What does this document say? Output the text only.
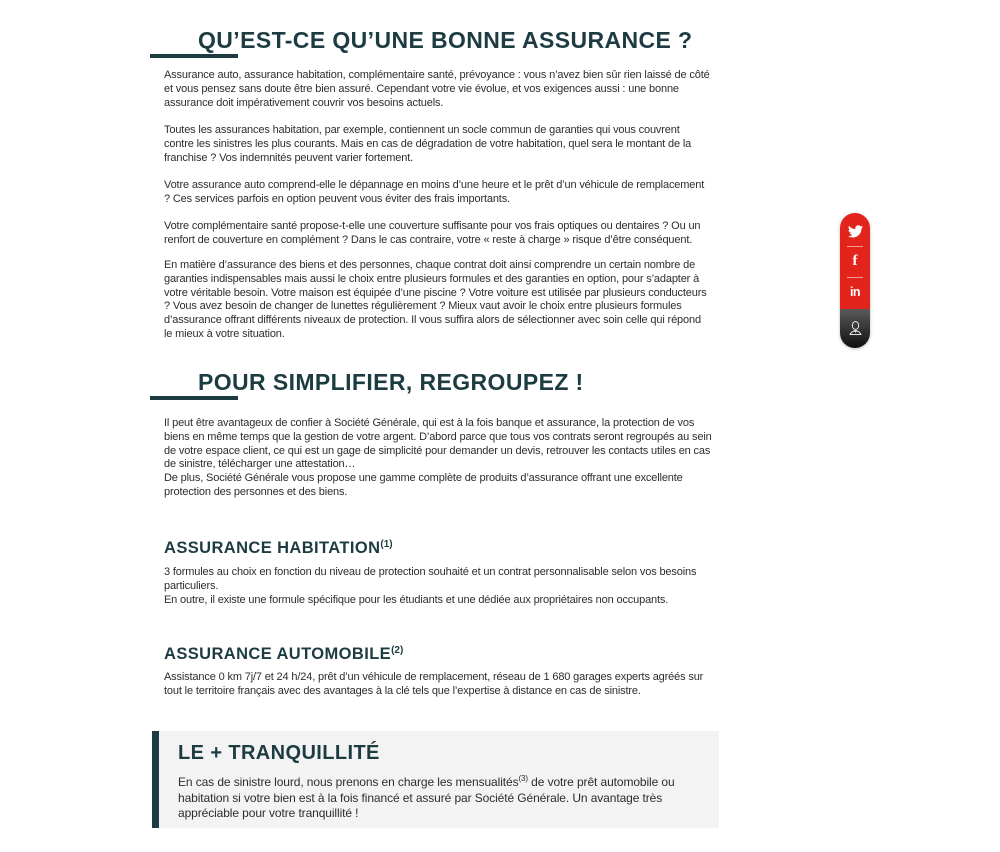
QU’EST-CE QU’UNE BONNE ASSURANCE ?
Assurance auto, assurance habitation, complémentaire santé, prévoyance : vous n’avez bien sûr rien laissé de côté et vous pensez sans doute être bien assuré. Cependant votre vie évolue, et vos exigences aussi : une bonne assurance doit impérativement couvrir vos besoins actuels.
Toutes les assurances habitation, par exemple, contiennent un socle commun de garanties qui vous couvrent contre les sinistres les plus courants. Mais en cas de dégradation de votre habitation, quel sera le montant de la franchise ? Vos indemnités peuvent varier fortement.
Votre assurance auto comprend-elle le dépannage en moins d’une heure et le prêt d’un véhicule de remplacement ? Ces services parfois en option peuvent vous éviter des frais importants.
Votre complémentaire santé propose-t-elle une couverture suffisante pour vos frais optiques ou dentaires ? Ou un renfort de couverture en complément ? Dans le cas contraire, votre « reste à charge » risque d’être conséquent.
En matière d’assurance des biens et des personnes, chaque contrat doit ainsi comprendre un certain nombre de garanties indispensables mais aussi le choix entre plusieurs formules et des garanties en option, pour s’adapter à votre véritable besoin. Votre maison est équipée d’une piscine ? Votre voiture est utilisée par plusieurs conducteurs ? Vous avez besoin de changer de lunettes régulièrement ? Mieux vaut avoir le choix entre plusieurs formules d’assurance offrant différents niveaux de protection. Il vous suffira alors de sélectionner avec soin celle qui répond le mieux à votre situation.
POUR SIMPLIFIER, REGROUPEZ !
Il peut être avantageux de confier à Société Générale, qui est à la fois banque et assurance, la protection de vos biens en même temps que la gestion de votre argent. D’abord parce que tous vos contrats seront regroupés au sein de votre espace client, ce qui est un gage de simplicité pour demander un devis, retrouver les contacts utiles en cas de sinistre, télécharger une attestation…
De plus, Société Générale vous propose une gamme complète de produits d’assurance offrant une excellente protection des personnes et des biens.
ASSURANCE HABITATION$^{(1)}$
3 formules au choix en fonction du niveau de protection souhaité et un contrat personnalisable selon vos besoins particuliers.
En outre, il existe une formule spécifique pour les étudiants et une dédiée aux propriétaires non occupants.
ASSURANCE AUTOMOBILE$^{(2)}$
Assistance 0 km 7j/7 et 24 h/24, prêt d’un véhicule de remplacement, réseau de 1 680 garages experts agréés sur tout le territoire français avec des avantages à la clé tels que l’expertise à distance en cas de sinistre.
LE + TRANQUILLITÉ
En cas de sinistre lourd, nous prenons en charge les mensualités$^{(3)}$ de votre prêt automobile ou habitation si votre bien est à la fois financé et assuré par Société Générale. Un avantage très appréciable pour votre tranquillité !
f
in
